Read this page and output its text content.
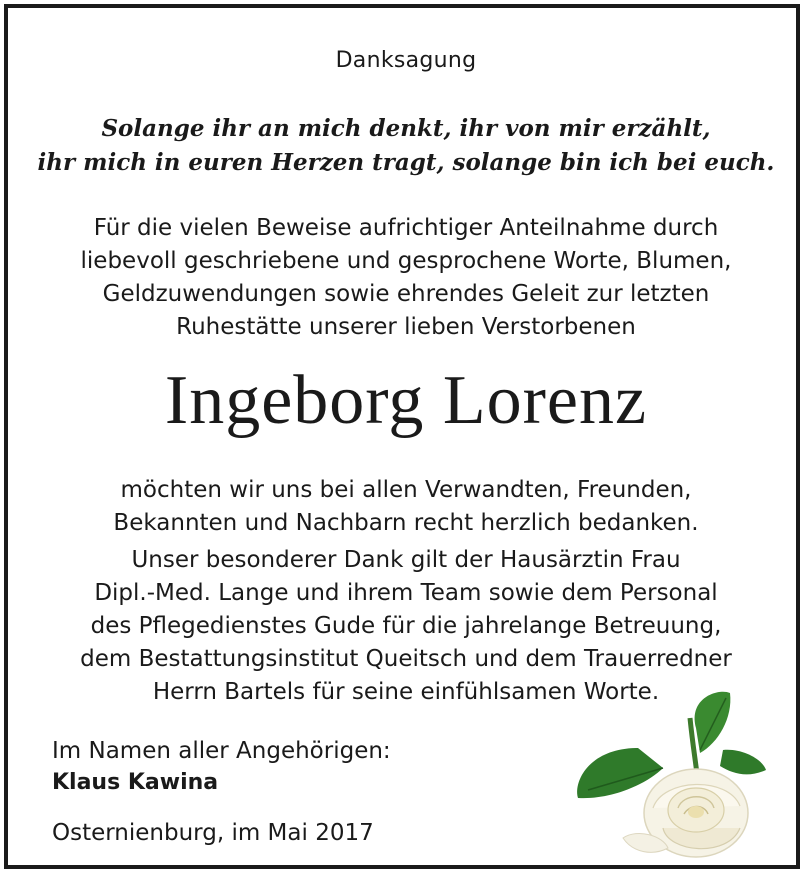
Danksagung
Solange ihr an mich denkt, ihr von mir erzählt,
ihr mich in euren Herzen tragt, solange bin ich bei euch.
Für die vielen Beweise aufrichtiger Anteilnahme durch
liebevoll geschriebene und gesprochene Worte, Blumen,
Geldzuwendungen sowie ehrendes Geleit zur letzten
Ruhestätte unserer lieben Verstorbenen
Ingeborg Lorenz
möchten wir uns bei allen Verwandten, Freunden,
Bekannten und Nachbarn recht herzlich bedanken.
Unser besonderer Dank gilt der Hausärztin Frau
Dipl.-Med. Lange und ihrem Team sowie dem Personal
des Pflegedienstes Gude für die jahrelange Betreuung,
dem Bestattungsinstitut Queitsch und dem Trauerredner
Herrn Bartels für seine einfühlsamen Worte.
Im Namen aller Angehörigen:
Klaus Kawina
Osternienburg, im Mai 2017
